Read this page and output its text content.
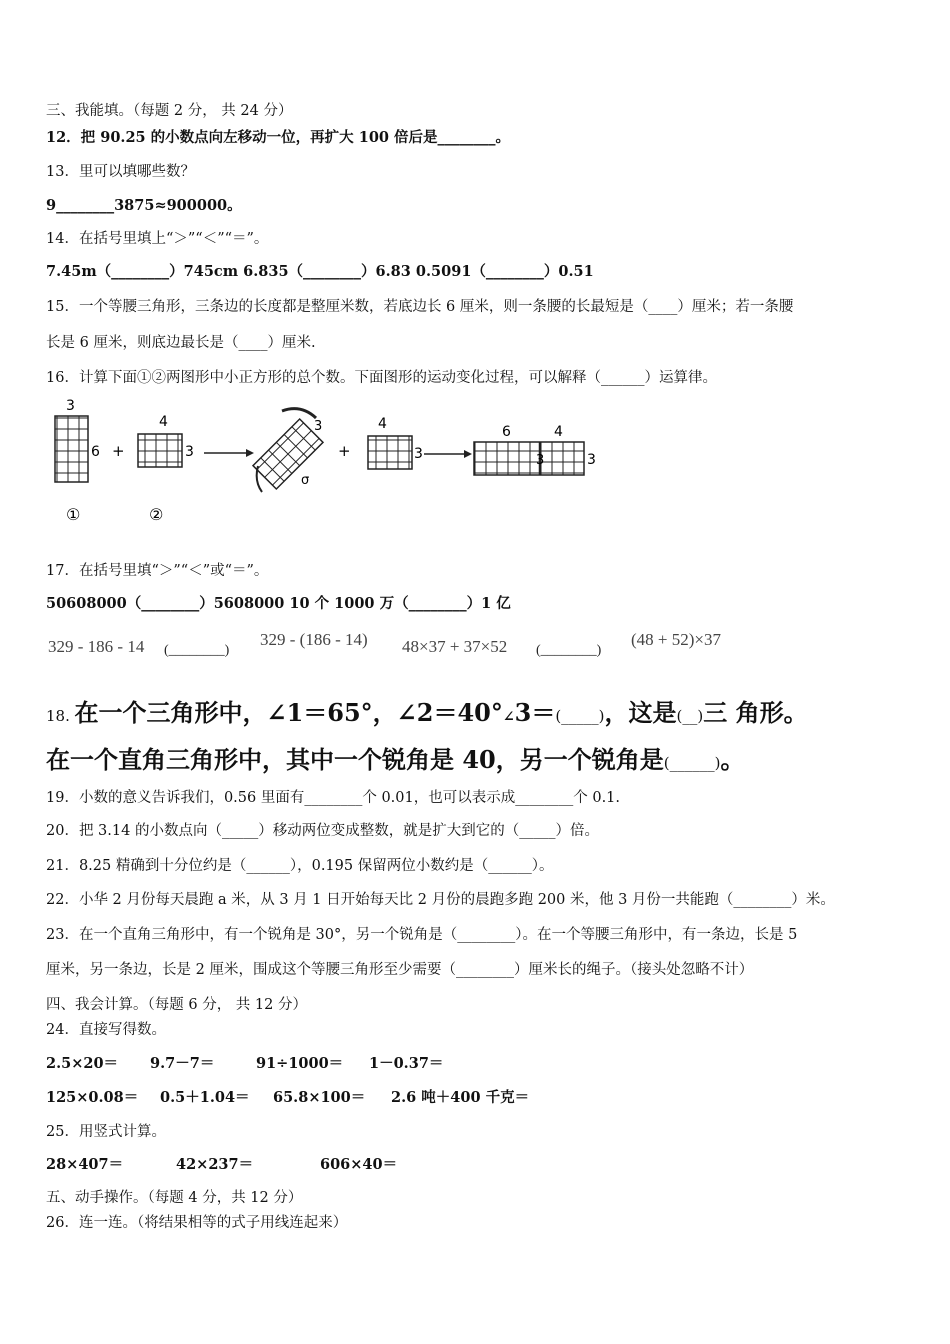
三、我能填。（每题 2 分， 共 24 分）
12．把 90.25 的小数点向左移动一位，再扩大 100 倍后是________。
13．里可以填哪些数？
9________3875≈900000。
14．在括号里填上“＞”“＜”“＝”。
7.45m（________）745cm 6.835（________）6.83 0.5091（________）0.51
15．一个等腰三角形，三条边的长度都是整厘米数，若底边长 6 厘米，则一条腰的长最短是（____）厘米；若一条腰
长是 6 厘米，则底边最长是（____）厘米.
16．计算下面①②两图形中小正方形的总个数。下面图形的运动变化过程，可以解释（______）运算律。
3
6
①
+
4
3
②
3
σ
+
4
3
6	4
3	3
17．在括号里填“＞”“＜”或“＝”。
50608000（________）5608000 10 个 1000 万（________）1 亿
329 - 186 - 14 (________)
329 - (186 - 14) 48×37 + 37×52 (________)
(48 + 52)×37
18. 在一个三角形中，∠1＝65°，∠2＝40°∠3＝(_____)，这是(__)三 角形。
在一个直角三角形中，其中一个锐角是 40，另一个锐角是(______)。
19．小数的意义告诉我们，0.56 里面有________个 0.01，也可以表示成________个 0.1.
20．把 3.14 的小数点向（_____）移动两位变成整数，就是扩大到它的（_____）倍。
21．8.25 精确到十分位约是（______），0.195 保留两位小数约是（______）。
22．小华 2 月份每天晨跑 a 米，从 3 月 1 日开始每天比 2 月份的晨跑多跑 200 米，他 3 月份一共能跑（________）米。
23．在一个直角三角形中，有一个锐角是 30°，另一个锐角是（________）。在一个等腰三角形中，有一条边，长是 5
厘米，另一条边，长是 2 厘米，围成这个等腰三角形至少需要（________）厘米长的绳子。（接头处忽略不计）
四、我会计算。（每题 6 分， 共 12 分）
24．直接写得数。
2.5×20＝ 9.7－7＝	91÷1000＝ 1－0.37＝
125×0.08＝ 0.5＋1.04＝ 65.8×100＝ 2.6 吨＋400 千克＝
25．用竖式计算。
28×407＝	42×237＝	606×40＝
五、动手操作。（每题 4 分，共 12 分）
26．连一连。（将结果相等的式子用线连起来）
